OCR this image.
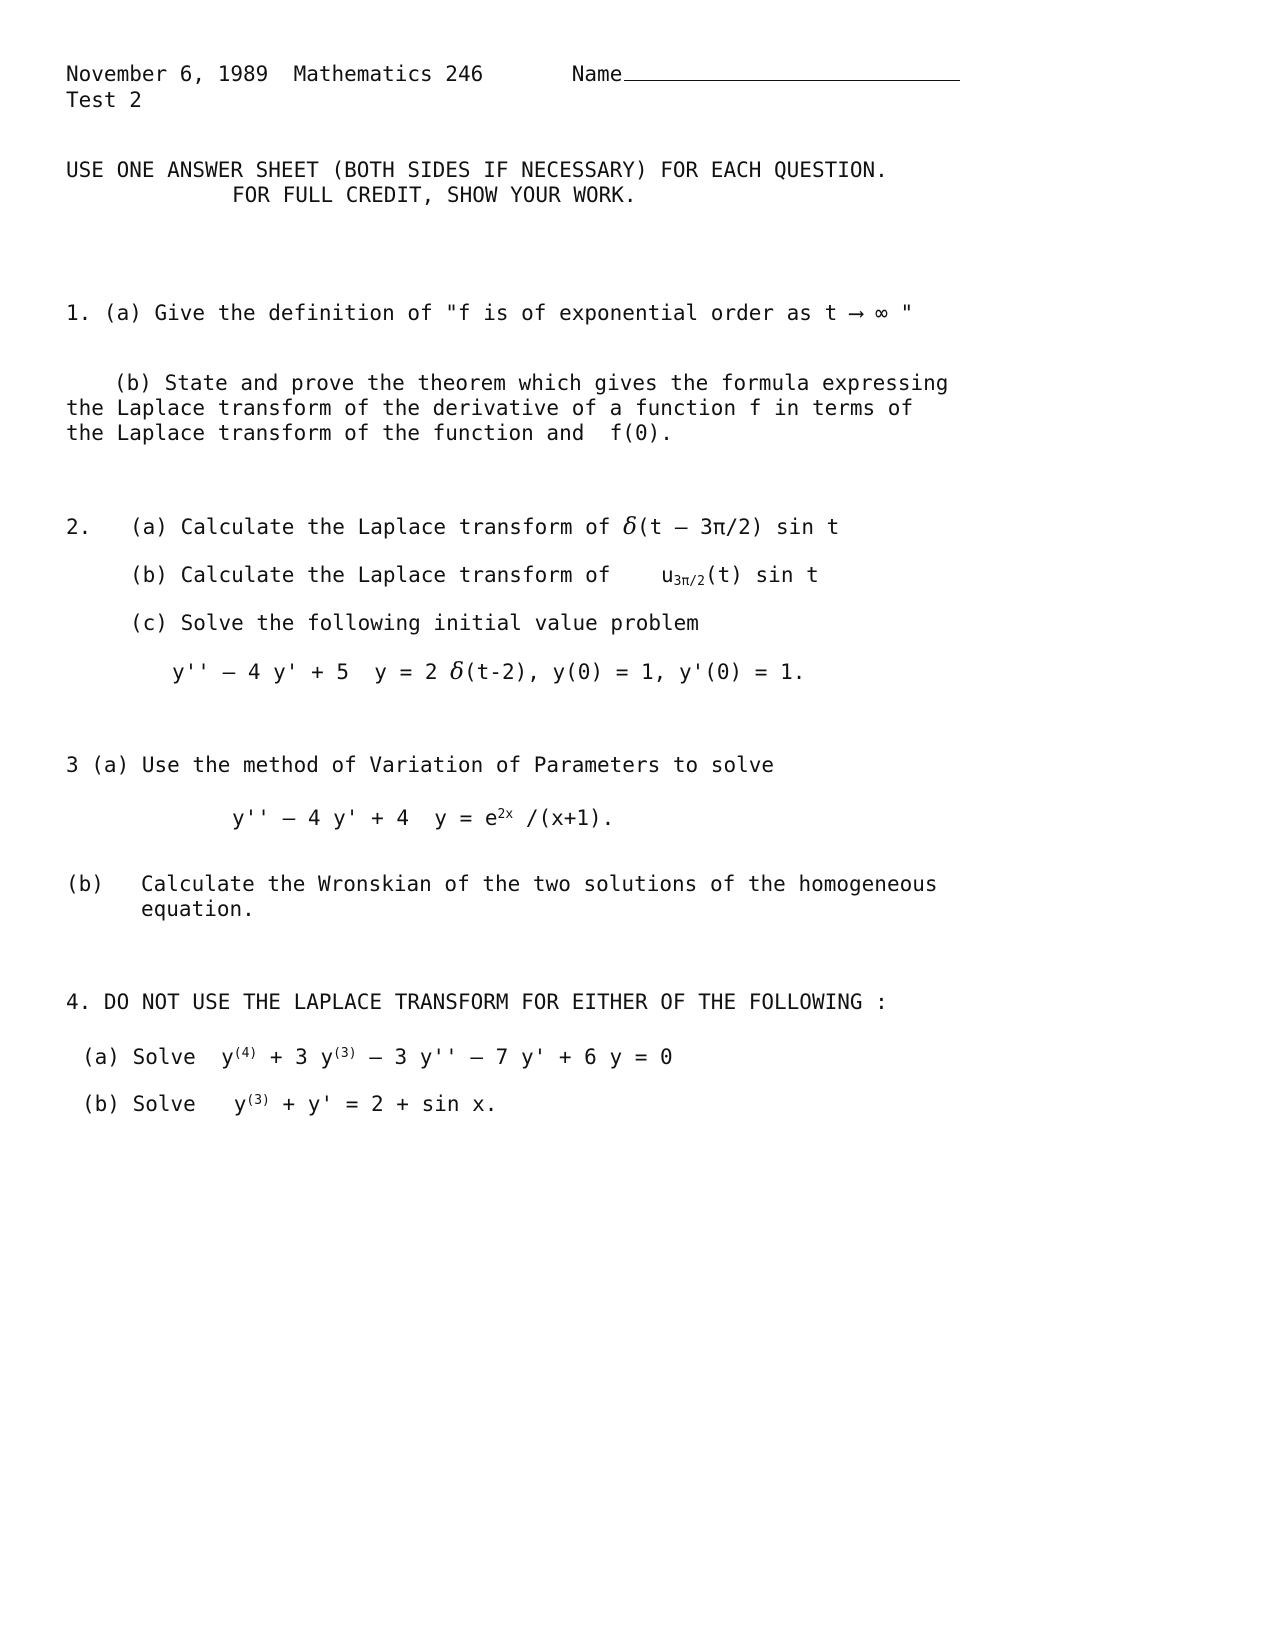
November 6, 1989 Mathematics 246	Name
Test 2
USE ONE ANSWER SHEET (BOTH SIDES IF NECESSARY) FOR EACH QUESTION.
FOR FULL CREDIT, SHOW YOUR WORK.
1. (a) Give the definition of "f is of exponential order as t ⟶ ∞ "
(b) State and prove the theorem which gives the formula expressing
the Laplace transform of the derivative of a function f in terms of
the Laplace transform of the function and  f(0).
2. (a) Calculate the Laplace transform of δ(t – 3π/2) sin t
(b) Calculate the Laplace transform of    $u_{3\pi/2}(t)$ sin t
(c) Solve the following initial value problem
y'' – 4 y' + 5  y = 2 δ(t-2), y(0) = 1, y'(0) = 1.
3 (a) Use the method of Variation of Parameters to solve
y'' – 4 y' + 4  $y = e^{2x}$ /(x+1).
(b) Calculate the Wronskian of the two solutions of the homogeneous
equation.
4. DO NOT USE THE LAPLACE TRANSFORM FOR EITHER OF THE FOLLOWING :
(a) Solve $y^{(4)} + 3$ $y^{(3)} - 3$ y'' – 7 y' + 6 y = 0
(b) Solve $y^{(3)} + y' = 2 + \sin x$.
